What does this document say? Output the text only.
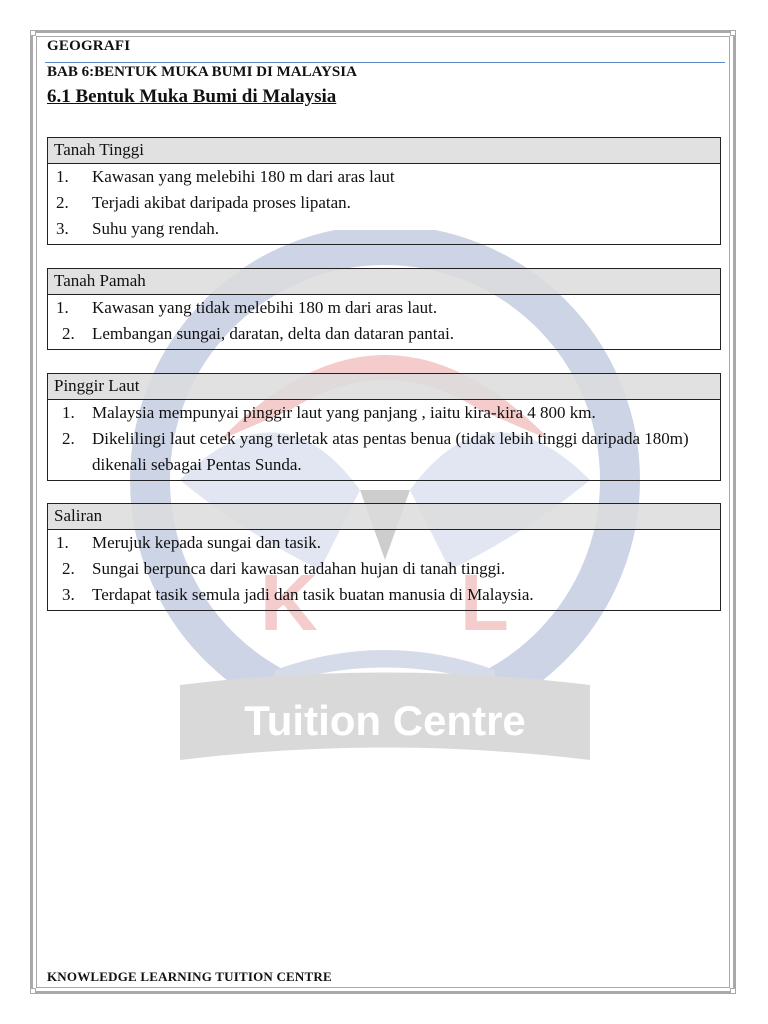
K L
Tuition Centre
GEOGRAFI
BAB 6:BENTUK MUKA BUMI DI MALAYSIA
6.1 Bentuk Muka Bumi di Malaysia
Tanah Tinggi
1.	Kawasan yang melebihi 180 m dari aras laut
2.	Terjadi akibat daripada proses lipatan.
3.	Suhu yang rendah.
Tanah Pamah
1.	Kawasan yang tidak melebihi 180 m dari aras laut.
2.	Lembangan sungai, daratan, delta dan dataran pantai.
Pinggir Laut
1.	Malaysia mempunyai pinggir laut yang panjang , iaitu kira-kira 4 800 km.
2.	Dikelilingi laut cetek yang terletak atas pentas benua (tidak lebih tinggi daripada 180m) dikenali sebagai Pentas Sunda.
Saliran
1.	Merujuk kepada sungai dan tasik.
2.	Sungai berpunca dari kawasan tadahan hujan di tanah tinggi.
3.	Terdapat tasik semula jadi dan tasik buatan manusia di Malaysia.
KNOWLEDGE LEARNING TUITION CENTRE
